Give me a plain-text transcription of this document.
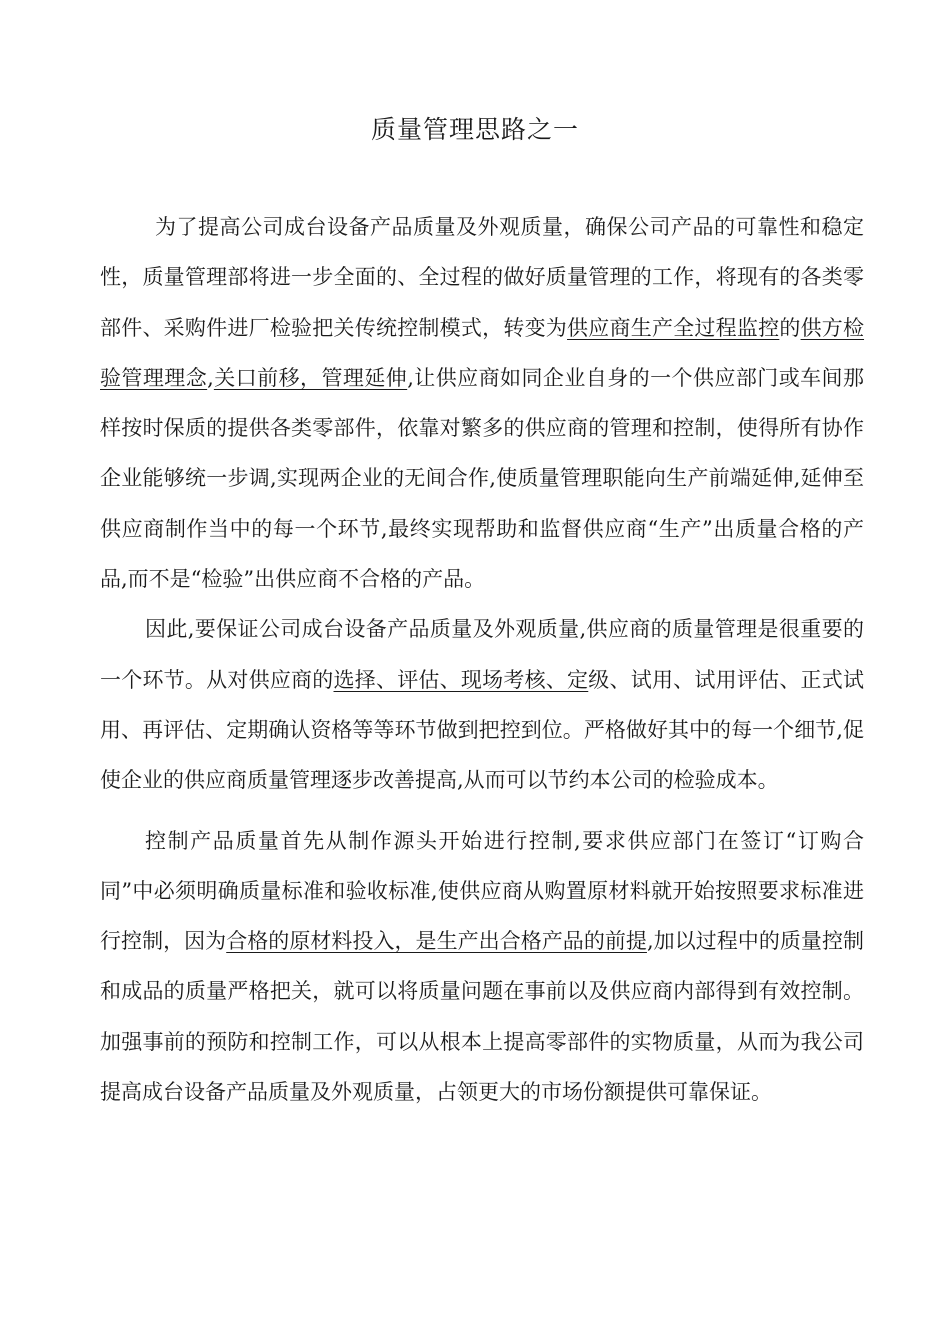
质量管理思路之一

为了提高公司成台设备产品质量及外观质量，确保公司产品的可靠性和稳定性，质量管理部将进一步全面的、全过程的做好质量管理的工作，将现有的各类零部件、采购件进厂检验把关传统控制模式，转变为供应商生产全过程监控的供方检验管理理念,关口前移，管理延伸,让供应商如同企业自身的一个供应部门或车间那样按时保质的提供各类零部件，依靠对繁多的供应商的管理和控制，使得所有协作企业能够统一步调,实现两企业的无间合作,使质量管理职能向生产前端延伸,延伸至供应商制作当中的每一个环节,最终实现帮助和监督供应商“生产”出质量合格的产品,而不是“检验”出供应商不合格的产品。

因此,要保证公司成台设备产品质量及外观质量,供应商的质量管理是很重要的一个环节。从对供应商的选择、评估、现场考核、定级、试用、试用评估、正式试用、再评估、定期确认资格等等环节做到把控到位。严格做好其中的每一个细节,促使企业的供应商质量管理逐步改善提高,从而可以节约本公司的检验成本。

控制产品质量首先从制作源头开始进行控制,要求供应部门在签订“订购合同”中必须明确质量标准和验收标准,使供应商从购置原材料就开始按照要求标准进行控制，因为合格的原材料投入，是生产出合格产品的前提,加以过程中的质量控制和成品的质量严格把关，就可以将质量问题在事前以及供应商内部得到有效控制。加强事前的预防和控制工作，可以从根本上提高零部件的实物质量，从而为我公司提高成台设备产品质量及外观质量，占领更大的市场份额提供可靠保证。
